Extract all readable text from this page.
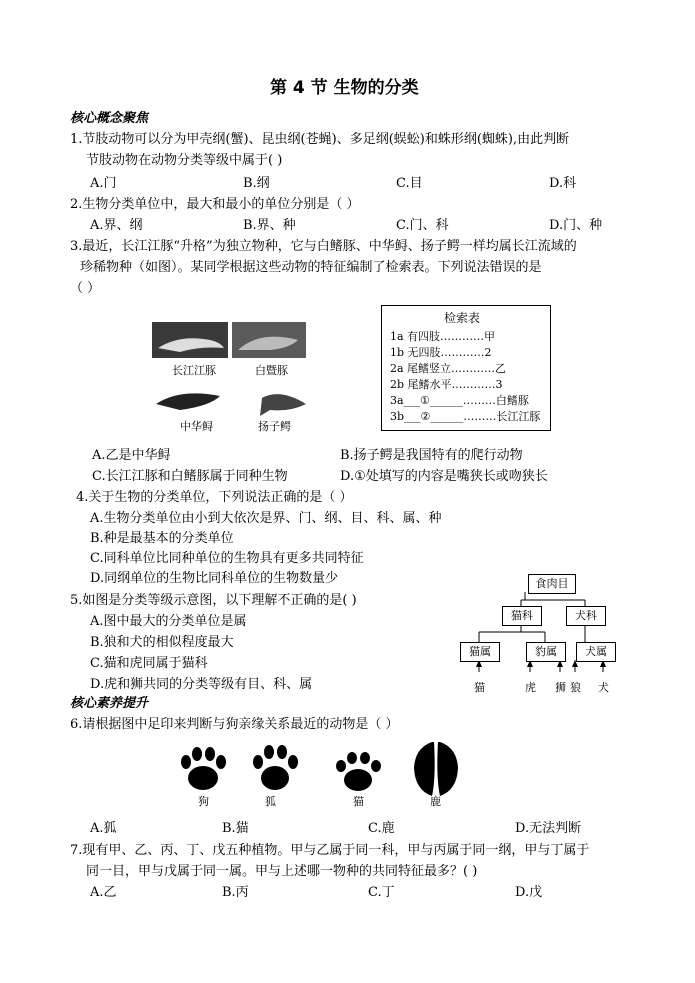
第 4 节 生物的分类
核心概念聚焦
1.节肢动物可以分为甲壳纲(蟹)、昆虫纲(苍蝇)、多足纲(蜈蚣)和蛛形纲(蜘蛛),由此判断
节肢动物在动物分类等级中属于( )
A.门	B.纲	C.目	D.科
2.生物分类单位中，最大和最小的单位分别是（ ）
A.界、纲	B.界、种	C.门、科	D.门、种
3.最近，长江江豚“升格”为独立物种，它与白鳍豚、中华鲟、扬子鳄一样均属长江流域的
珍稀物种（如图）。某同学根据这些动物的特征编制了检索表。下列说法错误的是
（ ）
长江江豚	白暨豚
中华鲟	扬子鳄
检索表
1a 有四肢…………甲
1b 无四肢…………2
2a 尾鳍竖立…………乙
2b 尾鳍水平…………3
3a___①______………白鳍豚
3b___②______………长江江豚
A.乙是中华鲟	B.扬子鳄是我国特有的爬行动物
C.长江江豚和白鳍豚属于同种生物	D.①处填写的内容是嘴狭长或吻狭长
4.关于生物的分类单位，下列说法正确的是（ ）
A.生物分类单位由小到大依次是界、门、纲、目、科、属、种
B.种是最基本的分类单位
C.同科单位比同种单位的生物具有更多共同特征
D.同纲单位的生物比同科单位的生物数量少
5.如图是分类等级示意图，以下理解不正确的是( )
A.图中最大的分类单位是属
B.狼和犬的相似程度最大
C.猫和虎同属于猫科
D.虎和狮共同的分类等级有目、科、属
食肉目
猫科	犬科
猫属	豹属	犬属
猫	虎 狮 狼 犬
核心素养提升
6.请根据图中足印来判断与狗亲缘关系最近的动物是（ ）
狗	狐	猫	鹿
A.狐	B.猫	C.鹿	D.无法判断
7.现有甲、乙、丙、丁、戊五种植物。甲与乙属于同一科，甲与丙属于同一纲，甲与丁属于
同一目，甲与戊属于同一属。甲与上述哪一物种的共同特征最多？( )
A.乙	B.丙	C.丁	D.戊
